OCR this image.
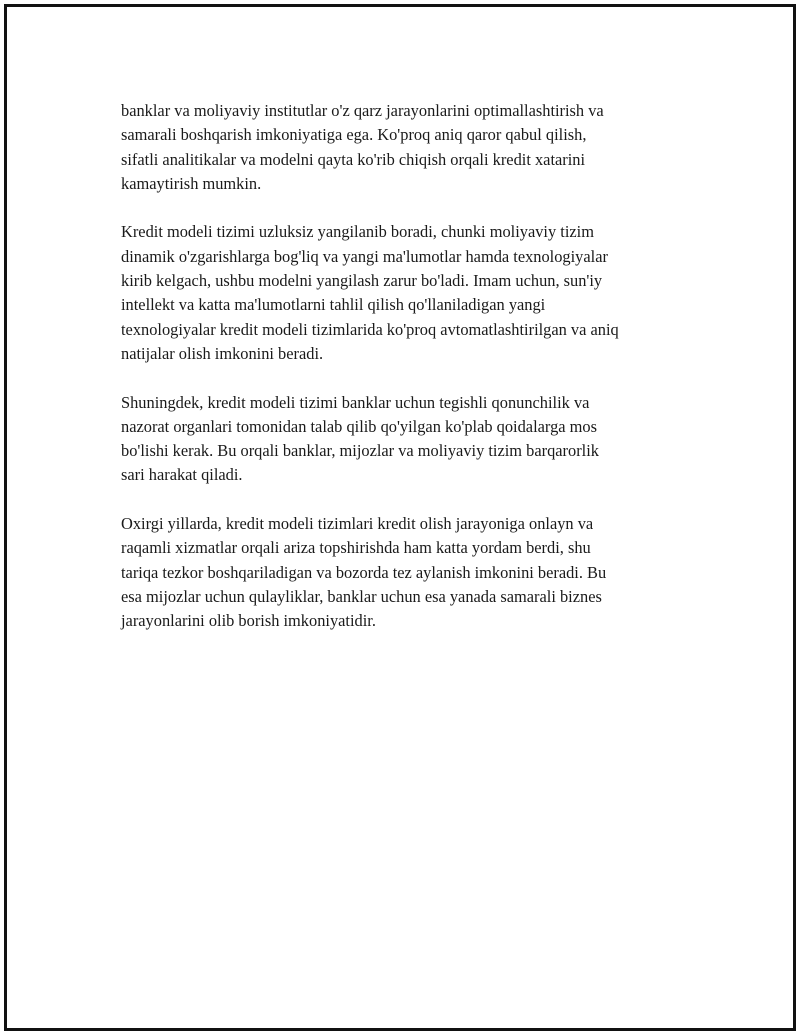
banklar va moliyaviy institutlar o'z qarz jarayonlarini optimallashtirish va
samarali boshqarish imkoniyatiga ega. Ko'proq aniq qaror qabul qilish,
sifatli analitikalar va modelni qayta ko'rib chiqish orqali kredit xatarini
kamaytirish mumkin.

Kredit modeli tizimi uzluksiz yangilanib boradi, chunki moliyaviy tizim
dinamik o'zgarishlarga bog'liq va yangi ma'lumotlar hamda texnologiyalar
kirib kelgach, ushbu modelni yangilash zarur bo'ladi. Imam uchun, sun'iy
intellekt va katta ma'lumotlarni tahlil qilish qo'llaniladigan yangi
texnologiyalar kredit modeli tizimlarida ko'proq avtomatlashtirilgan va aniq
natijalar olish imkonini beradi.

Shuningdek, kredit modeli tizimi banklar uchun tegishli qonunchilik va
nazorat organlari tomonidan talab qilib qo'yilgan ko'plab qoidalarga mos
bo'lishi kerak. Bu orqali banklar, mijozlar va moliyaviy tizim barqarorlik
sari harakat qiladi.

Oxirgi yillarda, kredit modeli tizimlari kredit olish jarayoniga onlayn va
raqamli xizmatlar orqali ariza topshirishda ham katta yordam berdi, shu
tariqa tezkor boshqariladigan va bozorda tez aylanish imkonini beradi. Bu
esa mijozlar uchun qulayliklar, banklar uchun esa yanada samarali biznes
jarayonlarini olib borish imkoniyatidir.
